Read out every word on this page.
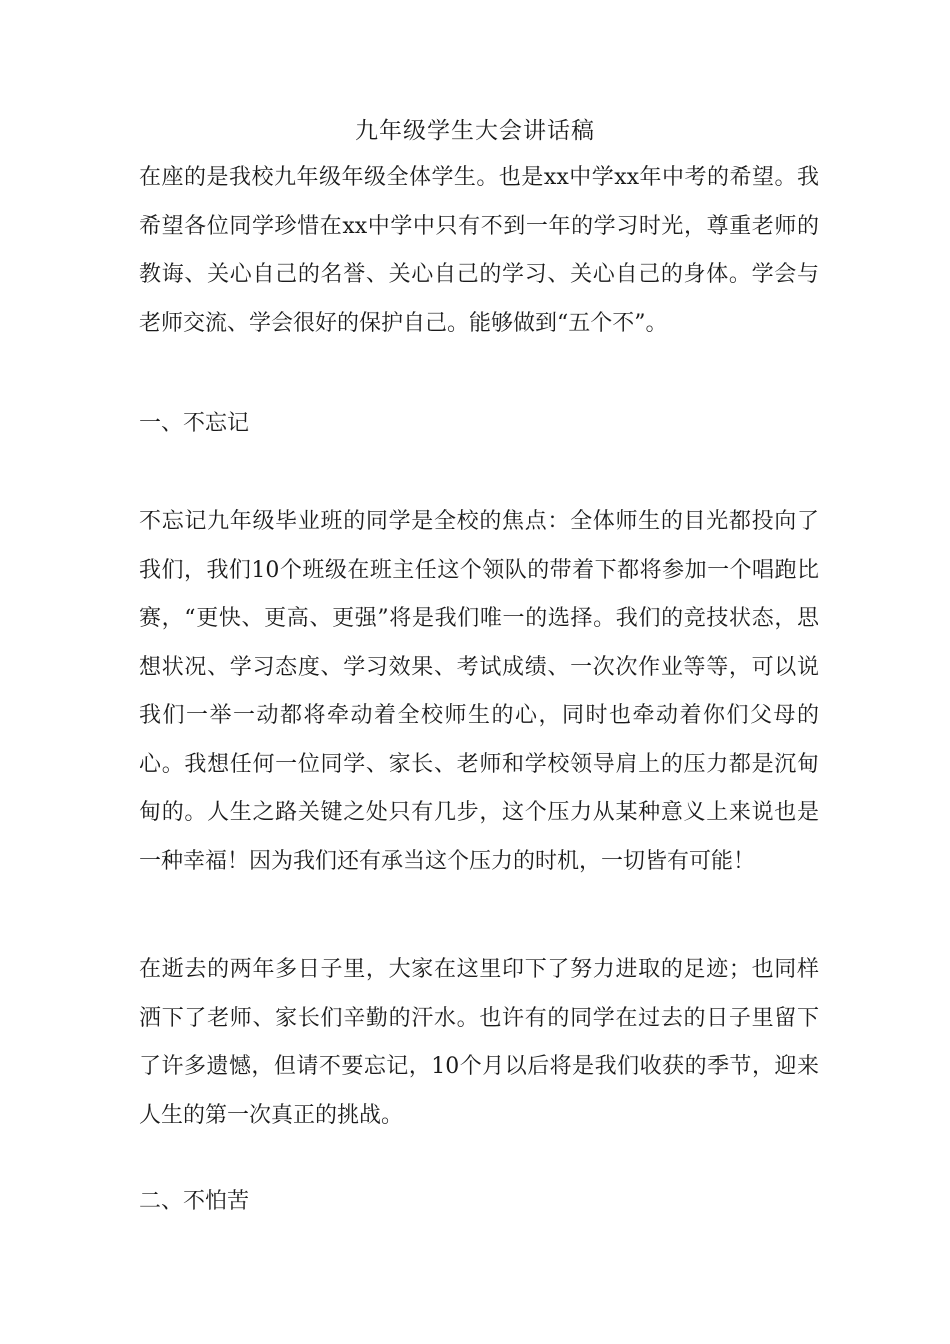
九年级学生大会讲话稿

在座的是我校九年级年级全体学生。也是xx中学xx年中考的希望。我希望各位同学珍惜在xx中学中只有不到一年的学习时光，尊重老师的教诲、关心自己的名誉、关心自己的学习、关心自己的身体。学会与老师交流、学会很好的保护自己。能够做到“五个不”。

一、不忘记

不忘记九年级毕业班的同学是全校的焦点：全体师生的目光都投向了我们，我们10个班级在班主任这个领队的带着下都将参加一个唱跑比赛，“更快、更高、更强”将是我们唯一的选择。我们的竞技状态，思想状况、学习态度、学习效果、考试成绩、一次次作业等等，可以说我们一举一动都将牵动着全校师生的心，同时也牵动着你们父母的心。我想任何一位同学、家长、老师和学校领导肩上的压力都是沉甸甸的。人生之路关键之处只有几步，这个压力从某种意义上来说也是一种幸福！因为我们还有承当这个压力的时机，一切皆有可能！

在逝去的两年多日子里，大家在这里印下了努力进取的足迹；也同样洒下了老师、家长们辛勤的汗水。也许有的同学在过去的日子里留下了许多遗憾，但请不要忘记，10个月以后将是我们收获的季节，迎来人生的第一次真正的挑战。

二、不怕苦
